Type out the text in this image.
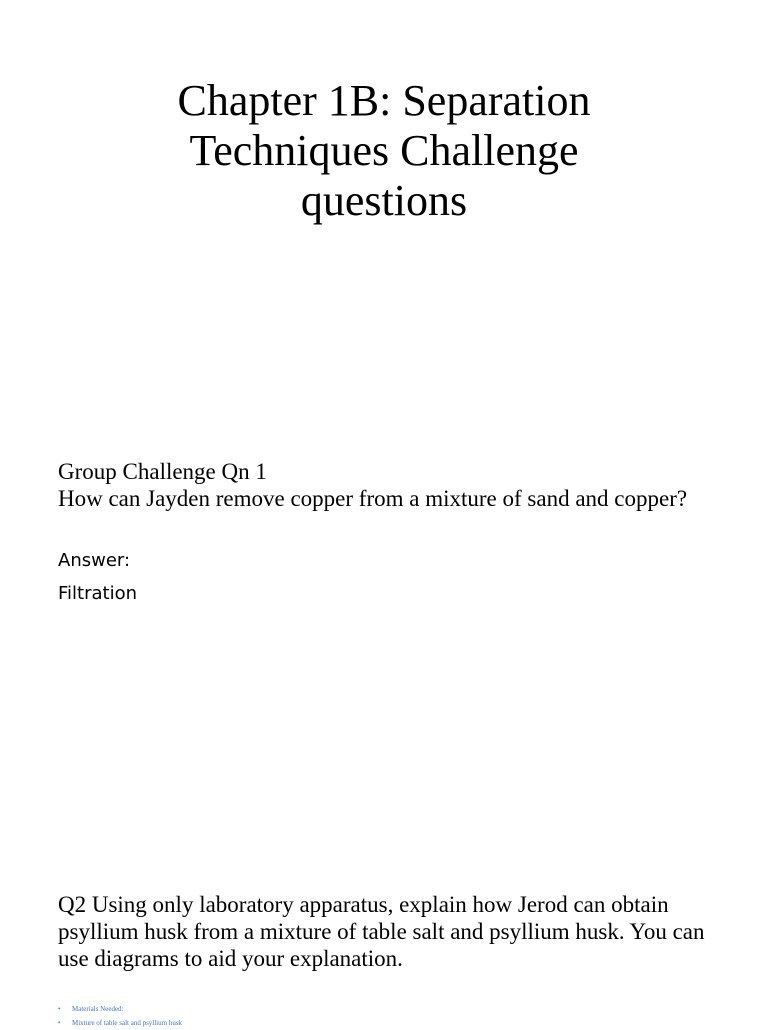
Chapter 1B: Separation Techniques Challenge questions
Group Challenge Qn 1
How can Jayden remove copper from a mixture of sand and copper?
Answer:
Filtration
Q2 Using only laboratory apparatus, explain how Jerod can obtain psyllium husk from a mixture of table salt and psyllium husk. You can use diagrams to aid your explanation.
• Materials Needed:
• Mixture of table salt and psyllium husk
